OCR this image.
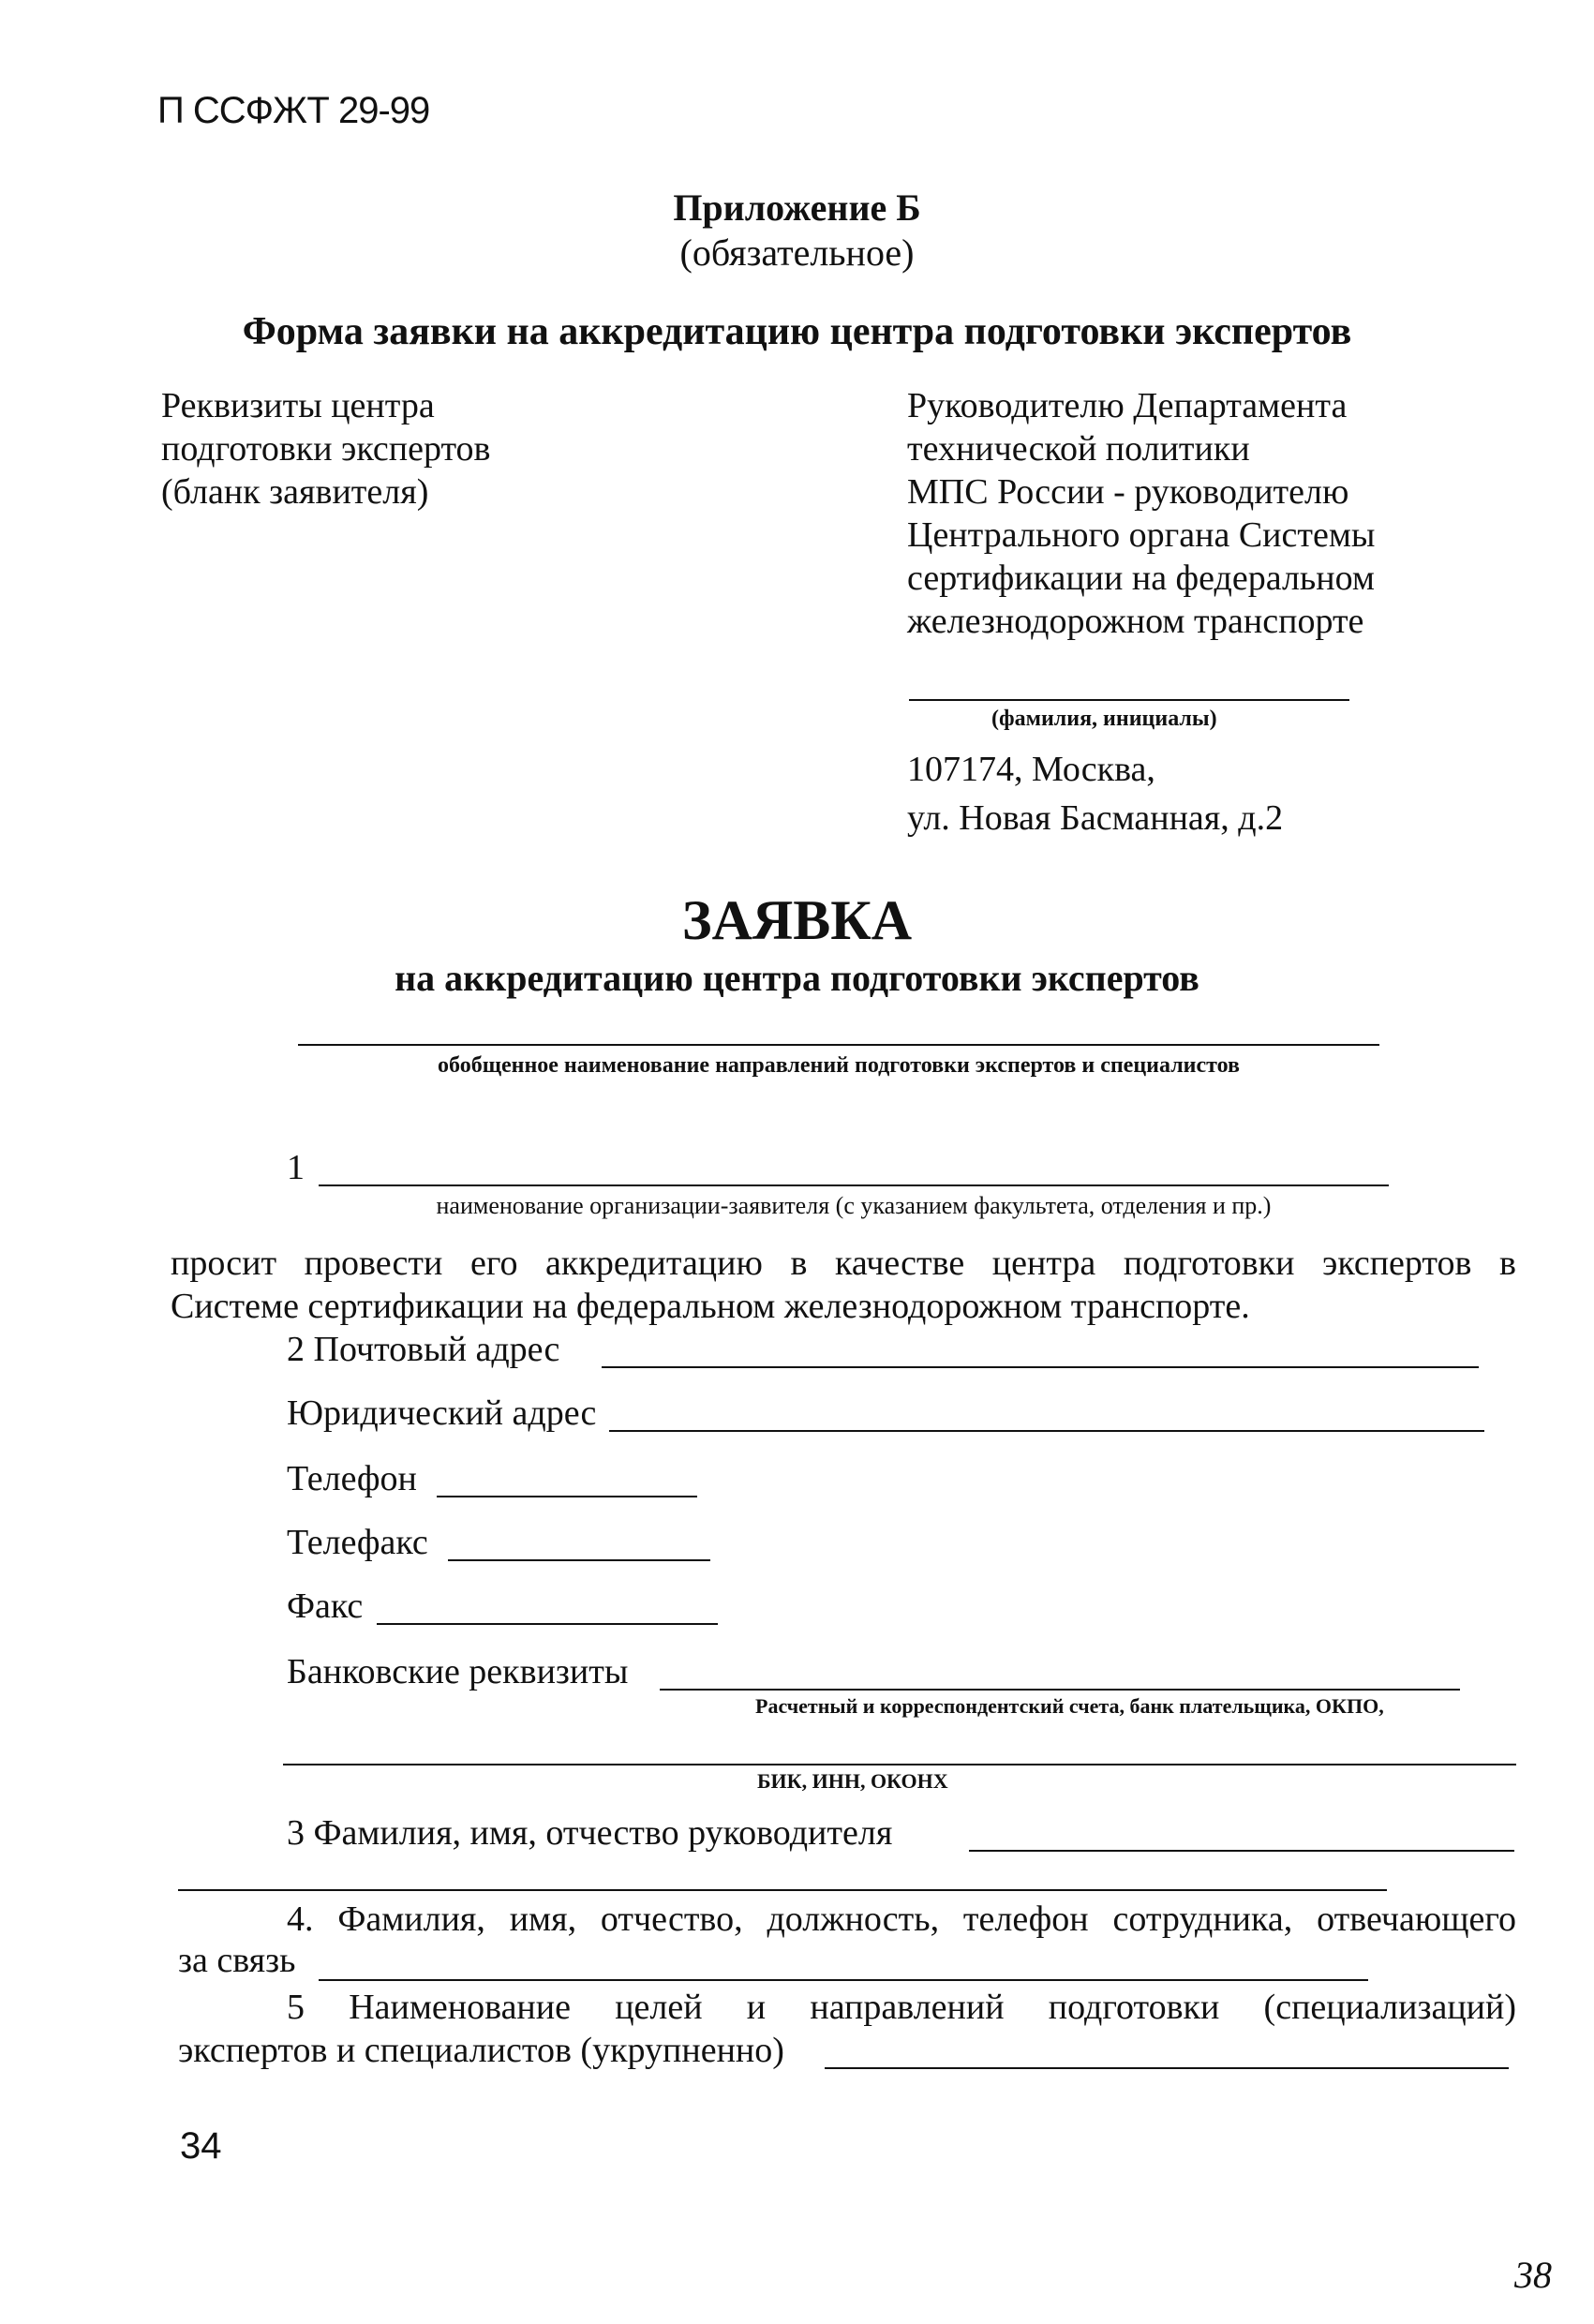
П ССФЖТ 29-99
Приложение Б
(обязательное)
Форма заявки на аккредитацию центра подготовки экспертов
Реквизиты центра
подготовки экспертов
(бланк заявителя)
Руководителю Департамента
технической политики
МПС России - руководителю
Центрального органа Системы
сертификации на федеральном
железнодорожном транспорте
(фамилия, инициалы)
107174, Москва,
ул. Новая Басманная, д.2
ЗАЯВКА
на аккредитацию центра подготовки экспертов
обобщенное наименование направлений подготовки экспертов и специалистов
1
наименование организации-заявителя (с указанием факультета, отделения и пр.)
просит провести его аккредитацию в качестве центра подготовки экспертов в
Системе сертификации на федеральном железнодорожном транспорте.
2 Почтовый адрес
Юридический адрес
Телефон
Телефакс
Факс
Банковские реквизиты
Расчетный и корреспондентский счета, банк плательщика, ОКПО,
БИК, ИНН, ОКОНХ
3 Фамилия, имя, отчество руководителя
4. Фамилия, имя, отчество, должность, телефон сотрудника, отвечающего
за связь
5 Наименование целей и направлений подготовки (специализаций)
экспертов и специалистов (укрупненно)
34
38
